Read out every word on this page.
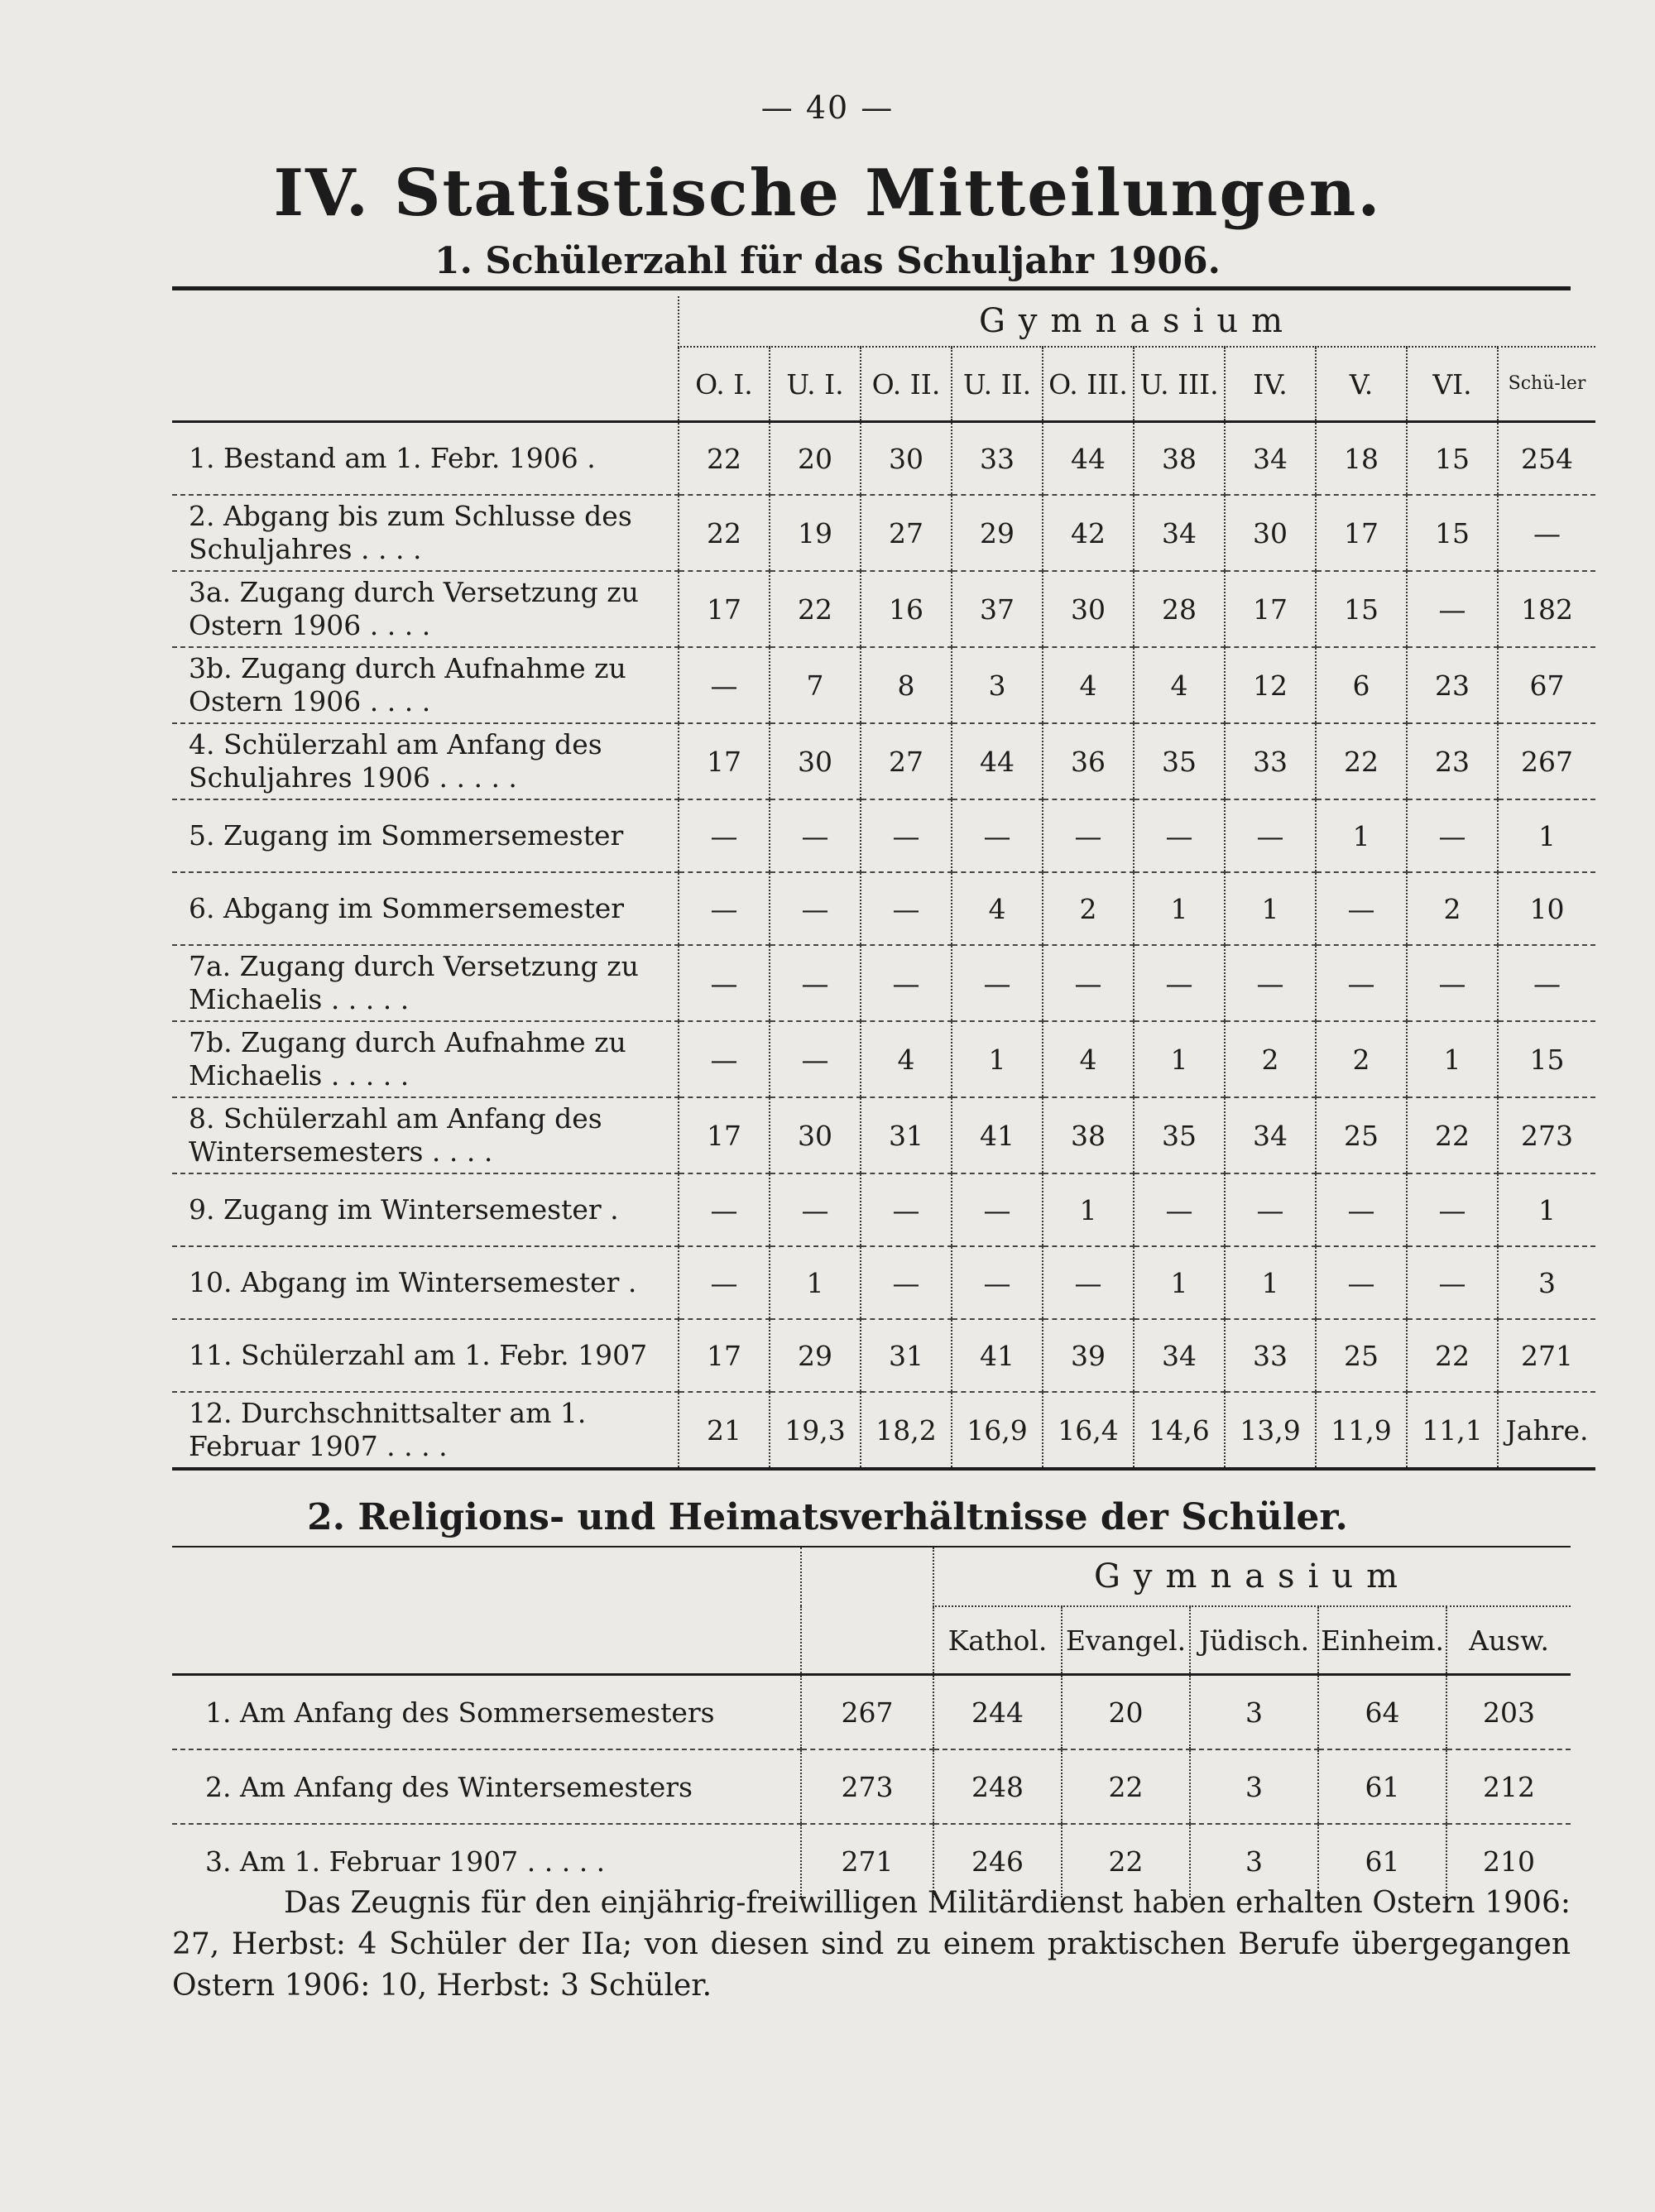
— 40 —
IV. Statistische Mitteilungen.
1. Schülerzahl für das Schuljahr 1906.
	Gymnasium									
	O. I.	U. I.	O. II.	U. II.	O. III.	U. III.	IV.	V.	VI.	Schü-ler
1. Bestand am 1. Febr. 1906 .	22	20	30	33	44	38	34	18	15	254
2. Abgang bis zum Schlusse des Schuljahres . . . .	22	19	27	29	42	34	30	17	15	—
3a. Zugang durch Versetzung zu Ostern 1906 . . . .	17	22	16	37	30	28	17	15	—	182
3b. Zugang durch Aufnahme zu Ostern 1906 . . . .	—	7	8	3	4	4	12	6	23	67
4. Schülerzahl am Anfang des Schuljahres 1906 . . . . .	17	30	27	44	36	35	33	22	23	267
5. Zugang im Sommersemester	—	—	—	—	—	—	—	1	—	1
6. Abgang im Sommersemester	—	—	—	4	2	1	1	—	2	10
7a. Zugang durch Versetzung zu Michaelis . . . . .	—	—	—	—	—	—	—	—	—	—
7b. Zugang durch Aufnahme zu Michaelis . . . . .	—	—	4	1	4	1	2	2	1	15
8. Schülerzahl am Anfang des Wintersemesters . . . .	17	30	31	41	38	35	34	25	22	273
9. Zugang im Wintersemester .	—	—	—	—	1	—	—	—	—	1
10. Abgang im Wintersemester .	—	1	—	—	—	1	1	—	—	3
11. Schülerzahl am 1. Febr. 1907	17	29	31	41	39	34	33	25	22	271
12. Durchschnittsalter am 1. Februar 1907 . . . .	21	19,3	18,2	16,9	16,4	14,6	13,9	11,9	11,1	Jahre.
2. Religions- und Heimatsverhältnisse der Schüler.
		Gymnasium				
		Kathol.	Evangel.	Jüdisch.	Einheim.	Ausw.
1. Am Anfang des Sommersemesters	267	244	20	3	64	203
2. Am Anfang des Wintersemesters	273	248	22	3	61	212
3. Am 1. Februar 1907 . . . . .	271	246	22	3	61	210
Das Zeugnis für den einjährig-freiwilligen Militärdienst haben erhalten Ostern 1906: 27, Herbst: 4 Schüler der IIa; von diesen sind zu einem praktischen Berufe übergegangen Ostern 1906: 10, Herbst: 3 Schüler.
